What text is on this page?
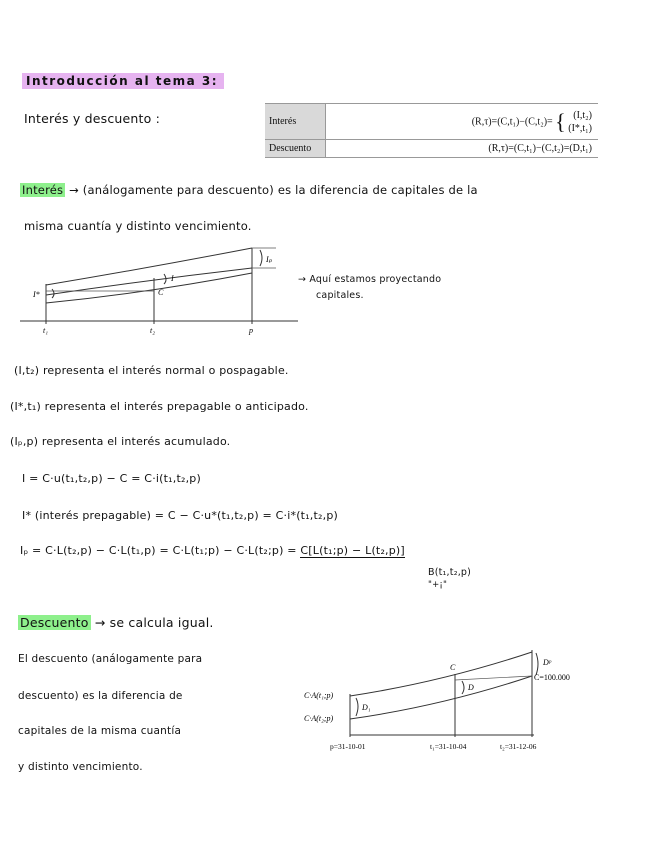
Introducción al tema 3:
Interés y descuento :	Interés	(R,τ)=(C,t₁)−(C,t₂)= { (I,t₂)
(I*,t₁)

Descuento	(R,τ)=(C,t₁)−(C,t₂)=(D,t₁)
Interés → (análogamente para descuento) es la diferencia de capitales de la
misma cuantía y distinto vencimiento.
Iₚ
I
I*	C
t₁	t₂	p
→ Aquí estamos proyectando
capitales.
(I,t₂) representa el interés normal o pospagable.
(I*,t₁) representa el interés prepagable o anticipado.
(Iₚ,p) representa el interés acumulado.
I = C·u(t₁,t₂,p) − C = C·i(t₁,t₂,p)
I* (interés prepagable) = C − C·u*(t₁,t₂,p) = C·i*(t₁,t₂,p)
Iₚ = C·L(t₂,p) − C·L(t₁,p) = C·L(t₁;p) − C·L(t₂;p) = C[L(t₁;p) − L(t₂,p)]
B(t₁,t₂,p)
"+¡"
Descuento → se calcula igual.
El descuento (análogamente para
descuento) es la diferencia de
capitales de la misma cuantía
y distinto vencimiento.
C·A(t₁;p)
C·A(t₂;p)
D₁
D
Dᵖ
C
C=100.000
p=31-10-01	t₁=31-10-04	t₂=31-12-06
